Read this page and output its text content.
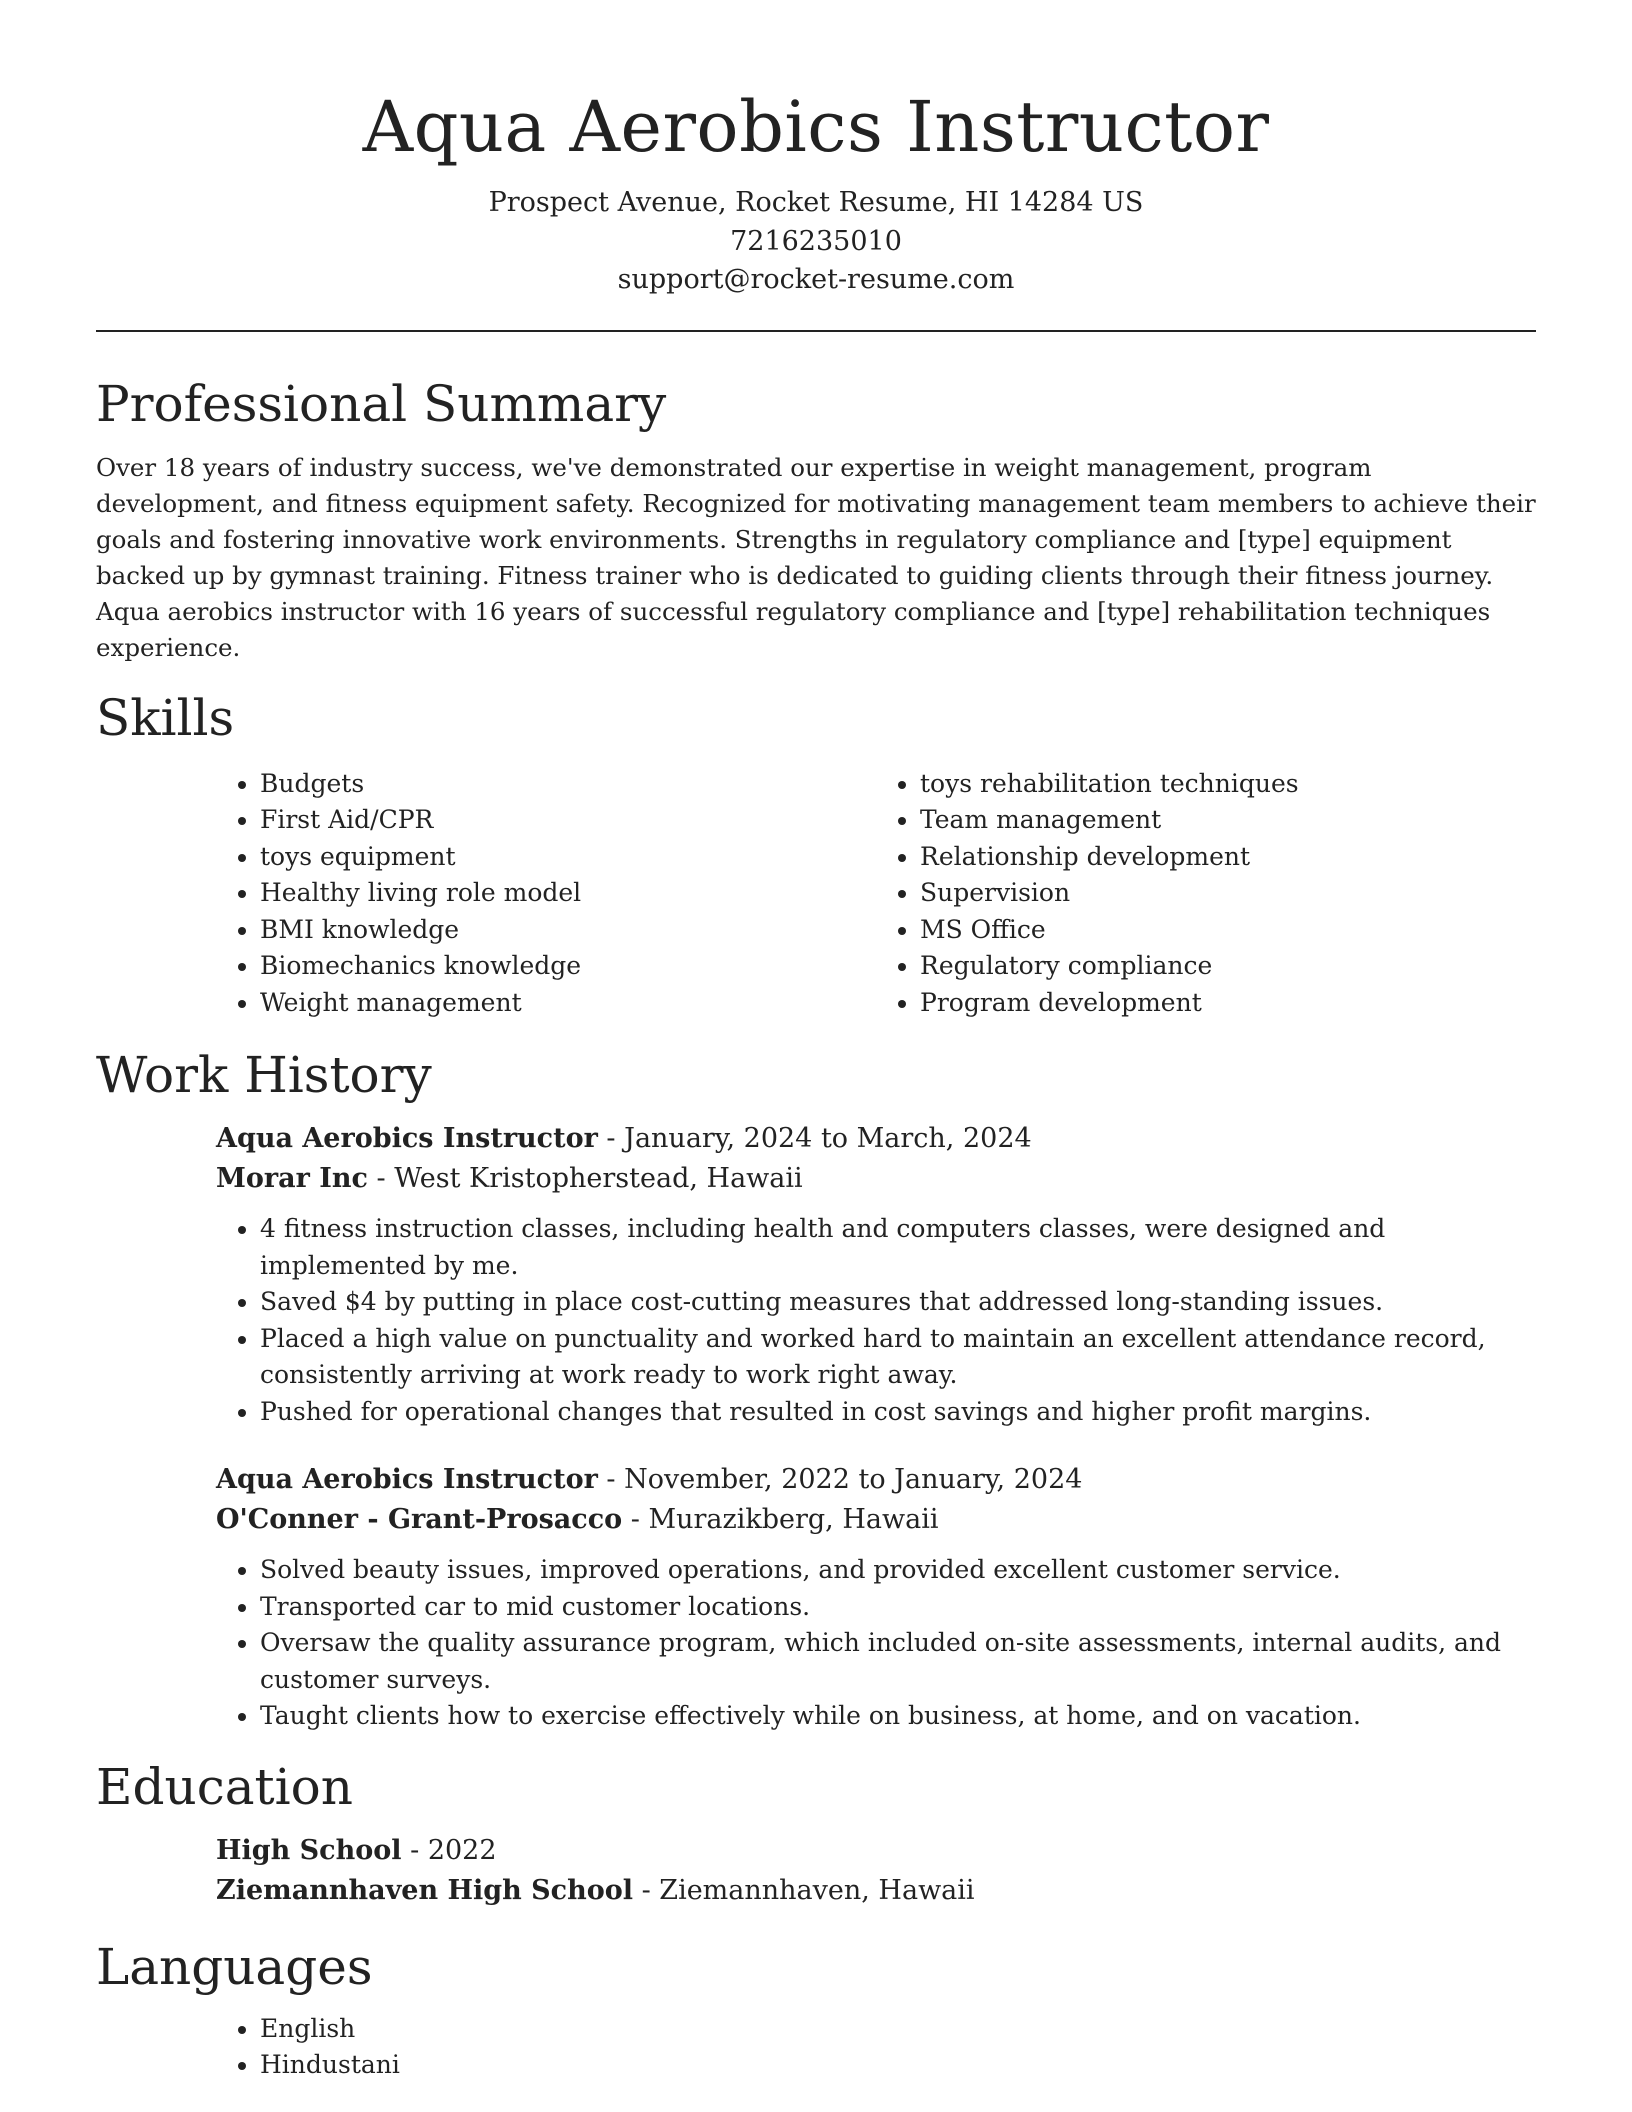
Aqua Aerobics Instructor
Prospect Avenue, Rocket Resume, HI 14284 US
7216235010
support@rocket-resume.com
Professional Summary

Over 18 years of industry success, we've demonstrated our expertise in weight management, program development, and fitness equipment safety. Recognized for motivating management team members to achieve their goals and fostering innovative work environments. Strengths in regulatory compliance and [type] equipment backed up by gymnast training. Fitness trainer who is dedicated to guiding clients through their fitness journey. Aqua aerobics instructor with 16 years of successful regulatory compliance and [type] rehabilitation techniques experience.

Skills
• Budgets
• First Aid/CPR
• toys equipment
• Healthy living role model
• BMI knowledge
• Biomechanics knowledge
• Weight management
• toys rehabilitation techniques
• Team management
• Relationship development
• Supervision
• MS Office
• Regulatory compliance
• Program development
Work History
Aqua Aerobics Instructor - January, 2024 to March, 2024
Morar Inc - West Kristopherstead, Hawaii
• 4 fitness instruction classes, including health and computers classes, were designed and implemented by me.
• Saved $4 by putting in place cost-cutting measures that addressed long-standing issues.
• Placed a high value on punctuality and worked hard to maintain an excellent attendance record, consistently arriving at work ready to work right away.
• Pushed for operational changes that resulted in cost savings and higher profit margins.
Aqua Aerobics Instructor - November, 2022 to January, 2024
O'Conner - Grant-Prosacco - Murazikberg, Hawaii
• Solved beauty issues, improved operations, and provided excellent customer service.
• Transported car to mid customer locations.
• Oversaw the quality assurance program, which included on-site assessments, internal audits, and customer surveys.
• Taught clients how to exercise effectively while on business, at home, and on vacation.
Education
High School - 2022
Ziemannhaven High School - Ziemannhaven, Hawaii
Languages
• English
• Hindustani
